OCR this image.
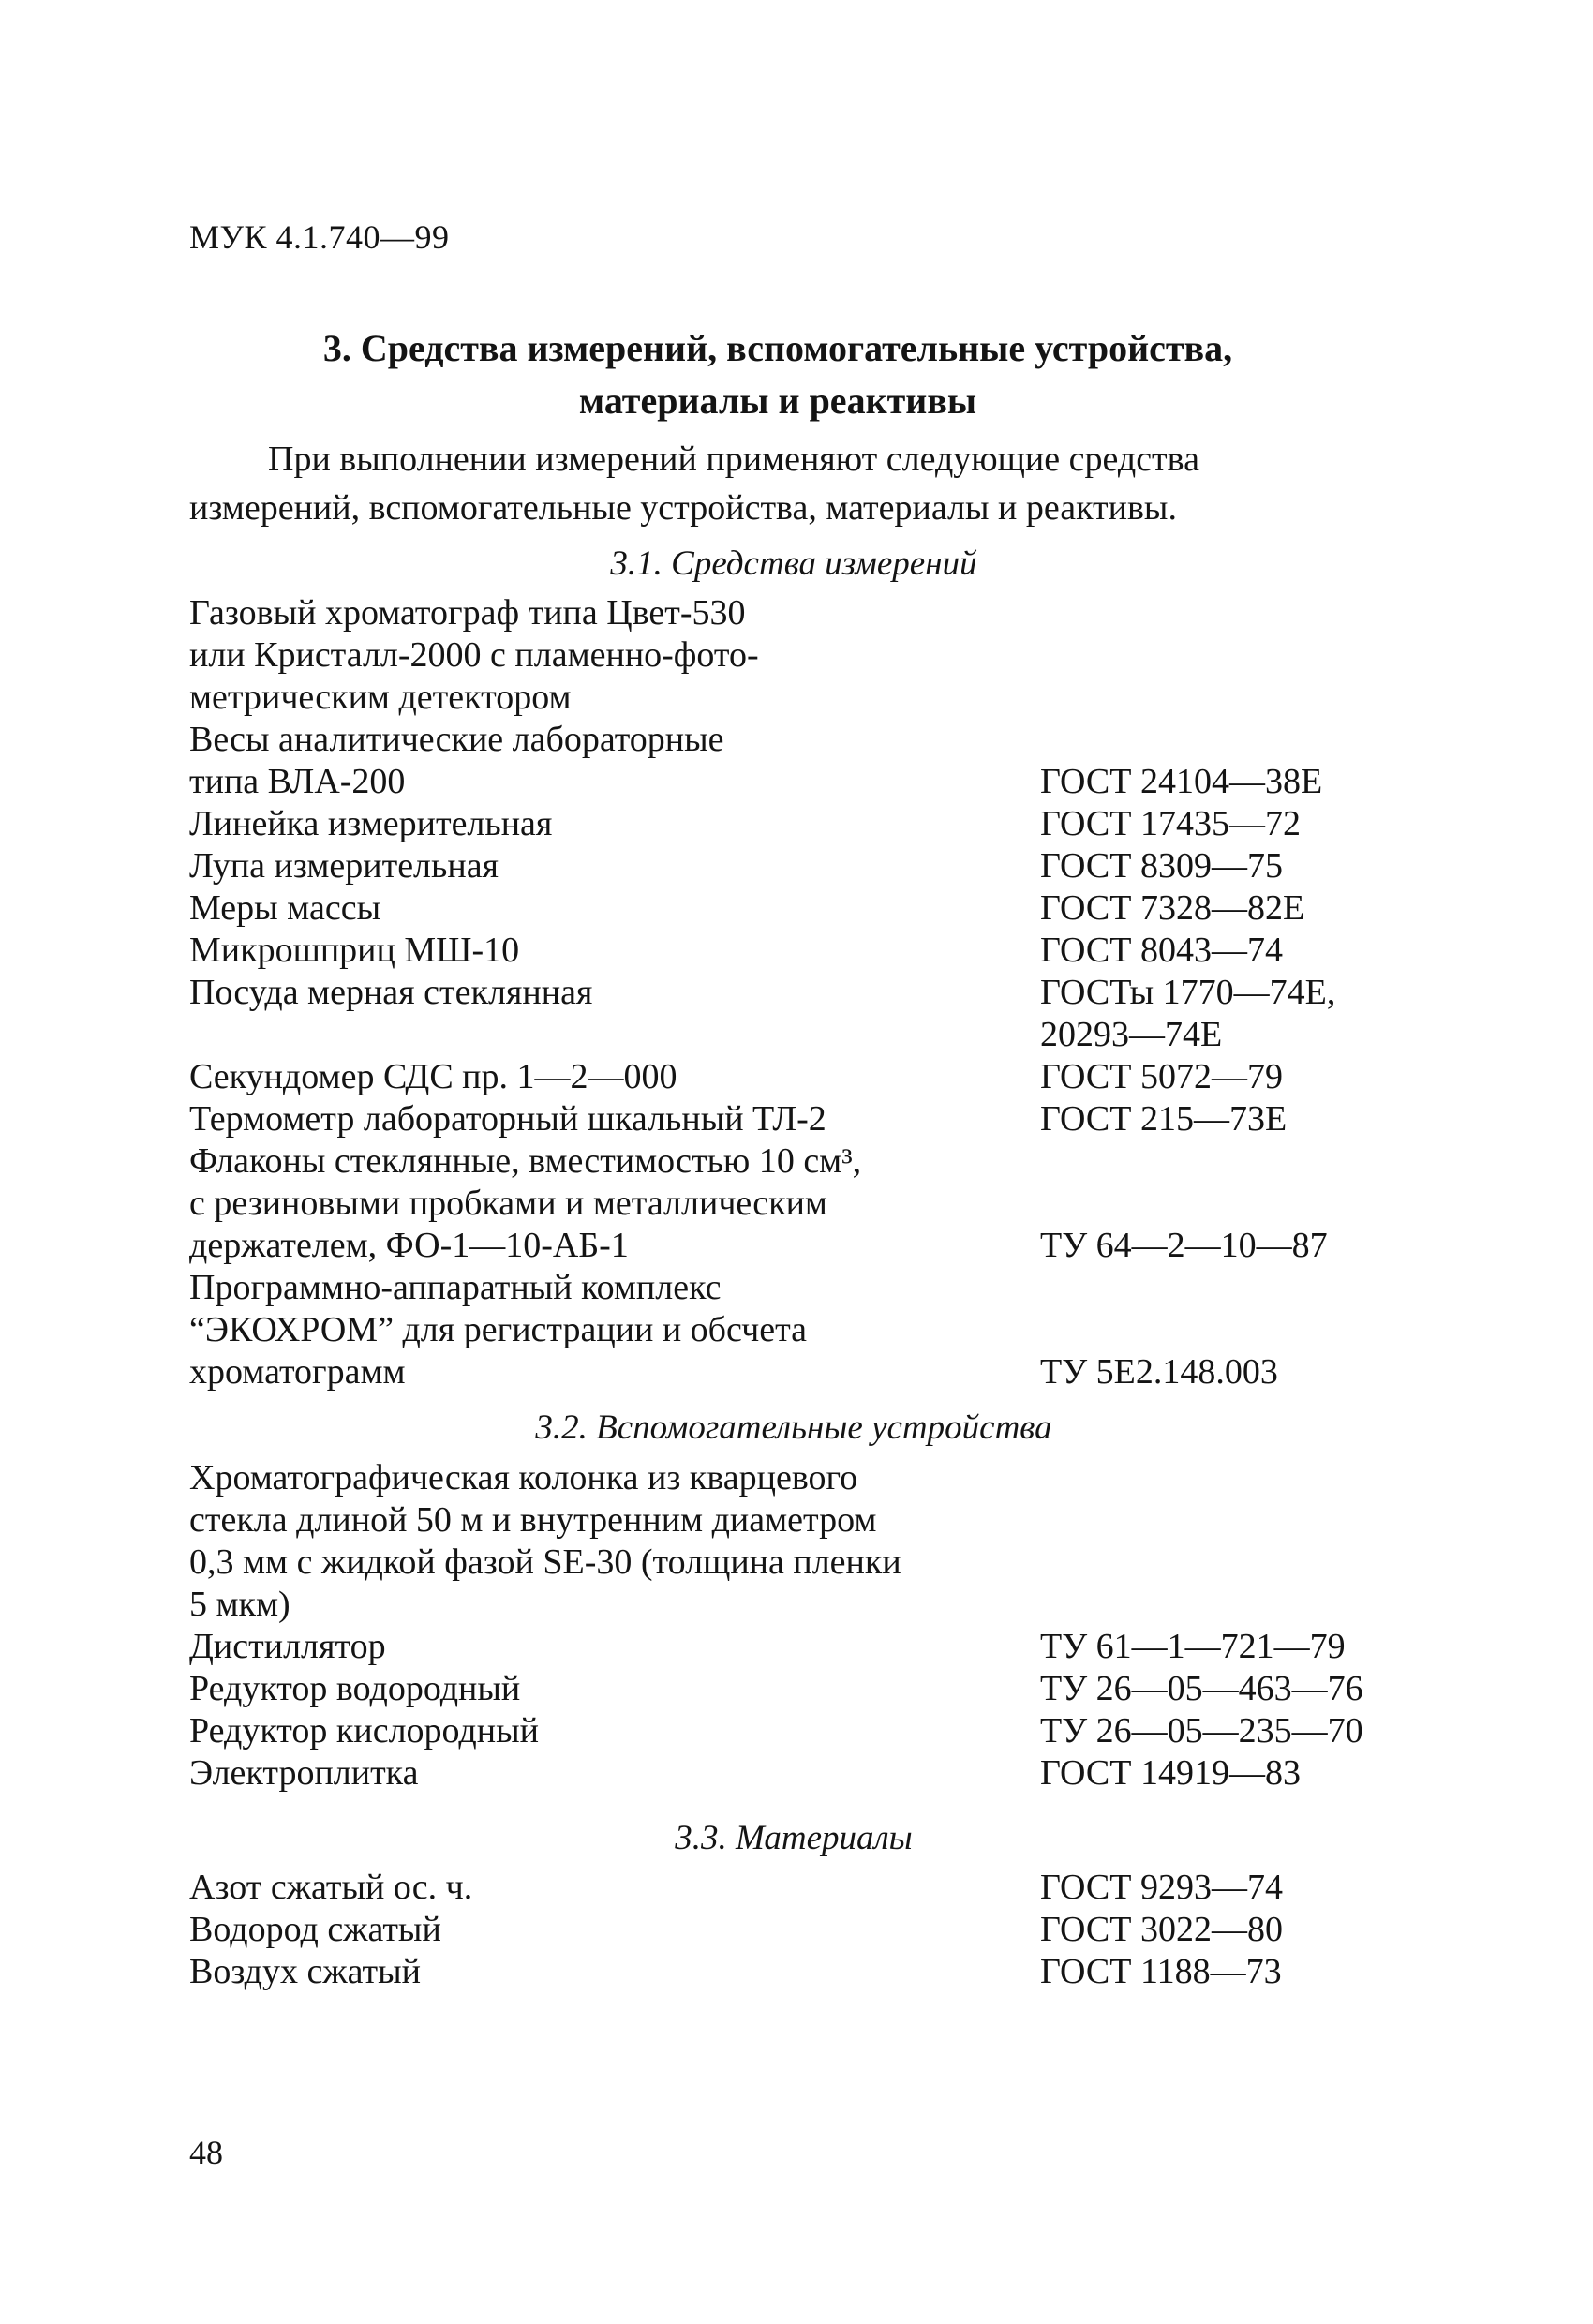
МУК 4.1.740—99
3. Средства измерений, вспомогательные устройства,
материалы и реактивы
При выполнении измерений применяют следующие средства
измерений, вспомогательные устройства, материалы и реактивы.
3.1. Средства измерений
Газовый хроматограф типа Цвет-530
или Кристалл-2000 с пламенно-фото-
метрическим детектором
Весы аналитические лабораторные
типа ВЛА-200
	ГОСТ 24104—38Е
Линейка измерительная	ГОСТ 17435—72
Лупа измерительная	ГОСТ 8309—75
Меры массы	ГОСТ 7328—82Е
Микрошприц МШ-10	ГОСТ 8043—74
Посуда мерная стеклянная	ГОСТы 1770—74Е,
20293—74Е
Секундомер СДС пр. 1—2—000	ГОСТ 5072—79
Термометр лабораторный шкальный ТЛ-2	ГОСТ 215—73Е
Флаконы стеклянные, вместимостью 10 см³,
с резиновыми пробками и металлическим
держателем, ФО-1—10-АБ-1

	ТУ 64—2—10—87
Программно-аппаратный комплекс
“ЭКОХРОМ” для регистрации и обсчета
хроматограмм

	ТУ 5Е2.148.003
3.2. Вспомогательные устройства
Хроматографическая колонка из кварцевого
стекла длиной 50 м и внутренним диаметром
0,3 мм с жидкой фазой SE-30 (толщина пленки
5 мкм)
Дистиллятор	ТУ 61—1—721—79
Редуктор водородный	ТУ 26—05—463—76
Редуктор кислородный	ТУ 26—05—235—70
Электроплитка	ГОСТ 14919—83
3.3. Материалы
Азот сжатый ос. ч.	ГОСТ 9293—74
Водород сжатый	ГОСТ 3022—80
Воздух сжатый	ГОСТ 1188—73
48
